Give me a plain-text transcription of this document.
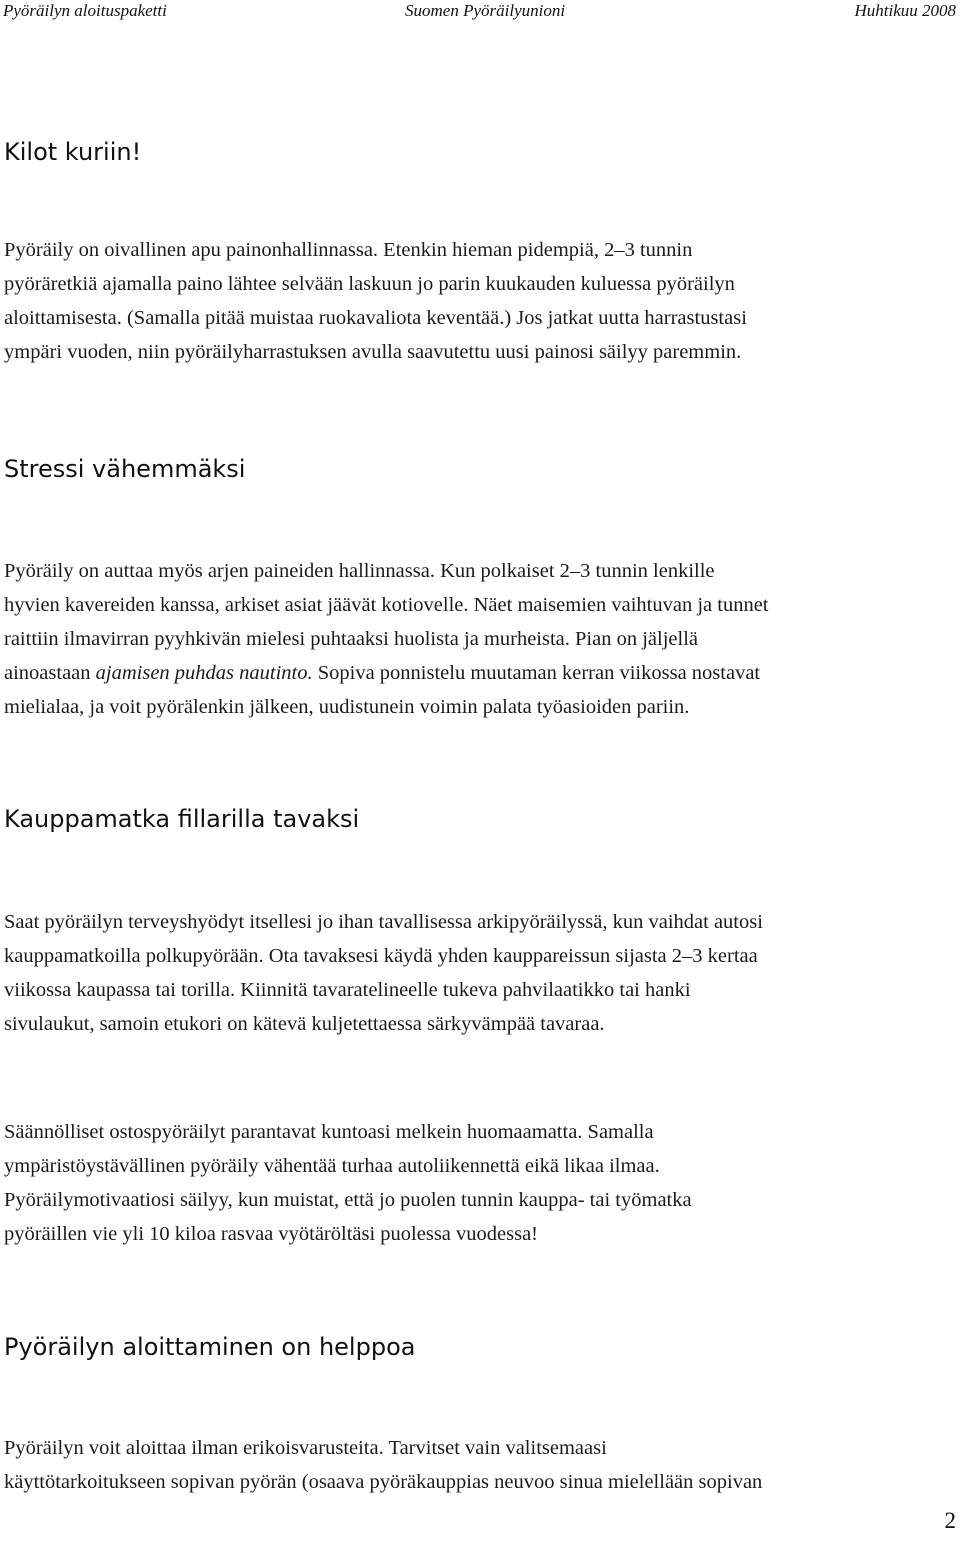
Pyöräilyn aloituspaketti	Suomen Pyöräilyunioni	Huhtikuu 2008
Kilot kuriin!

Pyöräily on oivallinen apu painonhallinnassa. Etenkin hieman pidempiä, 2–3 tunnin
pyöräretkiä ajamalla paino lähtee selvään laskuun jo parin kuukauden kuluessa pyöräilyn
aloittamisesta. (Samalla pitää muistaa ruokavaliota keventää.) Jos jatkat uutta harrastustasi
ympäri vuoden, niin pyöräilyharrastuksen avulla saavutettu uusi painosi säilyy paremmin.

Stressi vähemmäksi

Pyöräily on auttaa myös arjen paineiden hallinnassa. Kun polkaiset 2–3 tunnin lenkille
hyvien kavereiden kanssa, arkiset asiat jäävät kotiovelle. Näet maisemien vaihtuvan ja tunnet
raittiin ilmavirran pyyhkivän mielesi puhtaaksi huolista ja murheista. Pian on jäljellä
ainoastaan ajamisen puhdas nautinto. Sopiva ponnistelu muutaman kerran viikossa nostavat
mielialaa, ja voit pyörälenkin jälkeen, uudistunein voimin palata työasioiden pariin.

Kauppamatka fillarilla tavaksi

Saat pyöräilyn terveyshyödyt itsellesi jo ihan tavallisessa arkipyöräilyssä, kun vaihdat autosi
kauppamatkoilla polkupyörään. Ota tavaksesi käydä yhden kauppareissun sijasta 2–3 kertaa
viikossa kaupassa tai torilla. Kiinnitä tavaratelineelle tukeva pahvilaatikko tai hanki
sivulaukut, samoin etukori on kätevä kuljetettaessa särkyvämpää tavaraa.

Säännölliset ostospyöräilyt parantavat kuntoasi melkein huomaamatta. Samalla
ympäristöystävällinen pyöräily vähentää turhaa autoliikennettä eikä likaa ilmaa.
Pyöräilymotivaatiosi säilyy, kun muistat, että jo puolen tunnin kauppa- tai työmatka
pyöräillen vie yli 10 kiloa rasvaa vyötäröltäsi puolessa vuodessa!

Pyöräilyn aloittaminen on helppoa

Pyöräilyn voit aloittaa ilman erikoisvarusteita. Tarvitset vain valitsemaasi
käyttötarkoitukseen sopivan pyörän (osaava pyöräkauppias neuvoo sinua mielellään sopivan

2
